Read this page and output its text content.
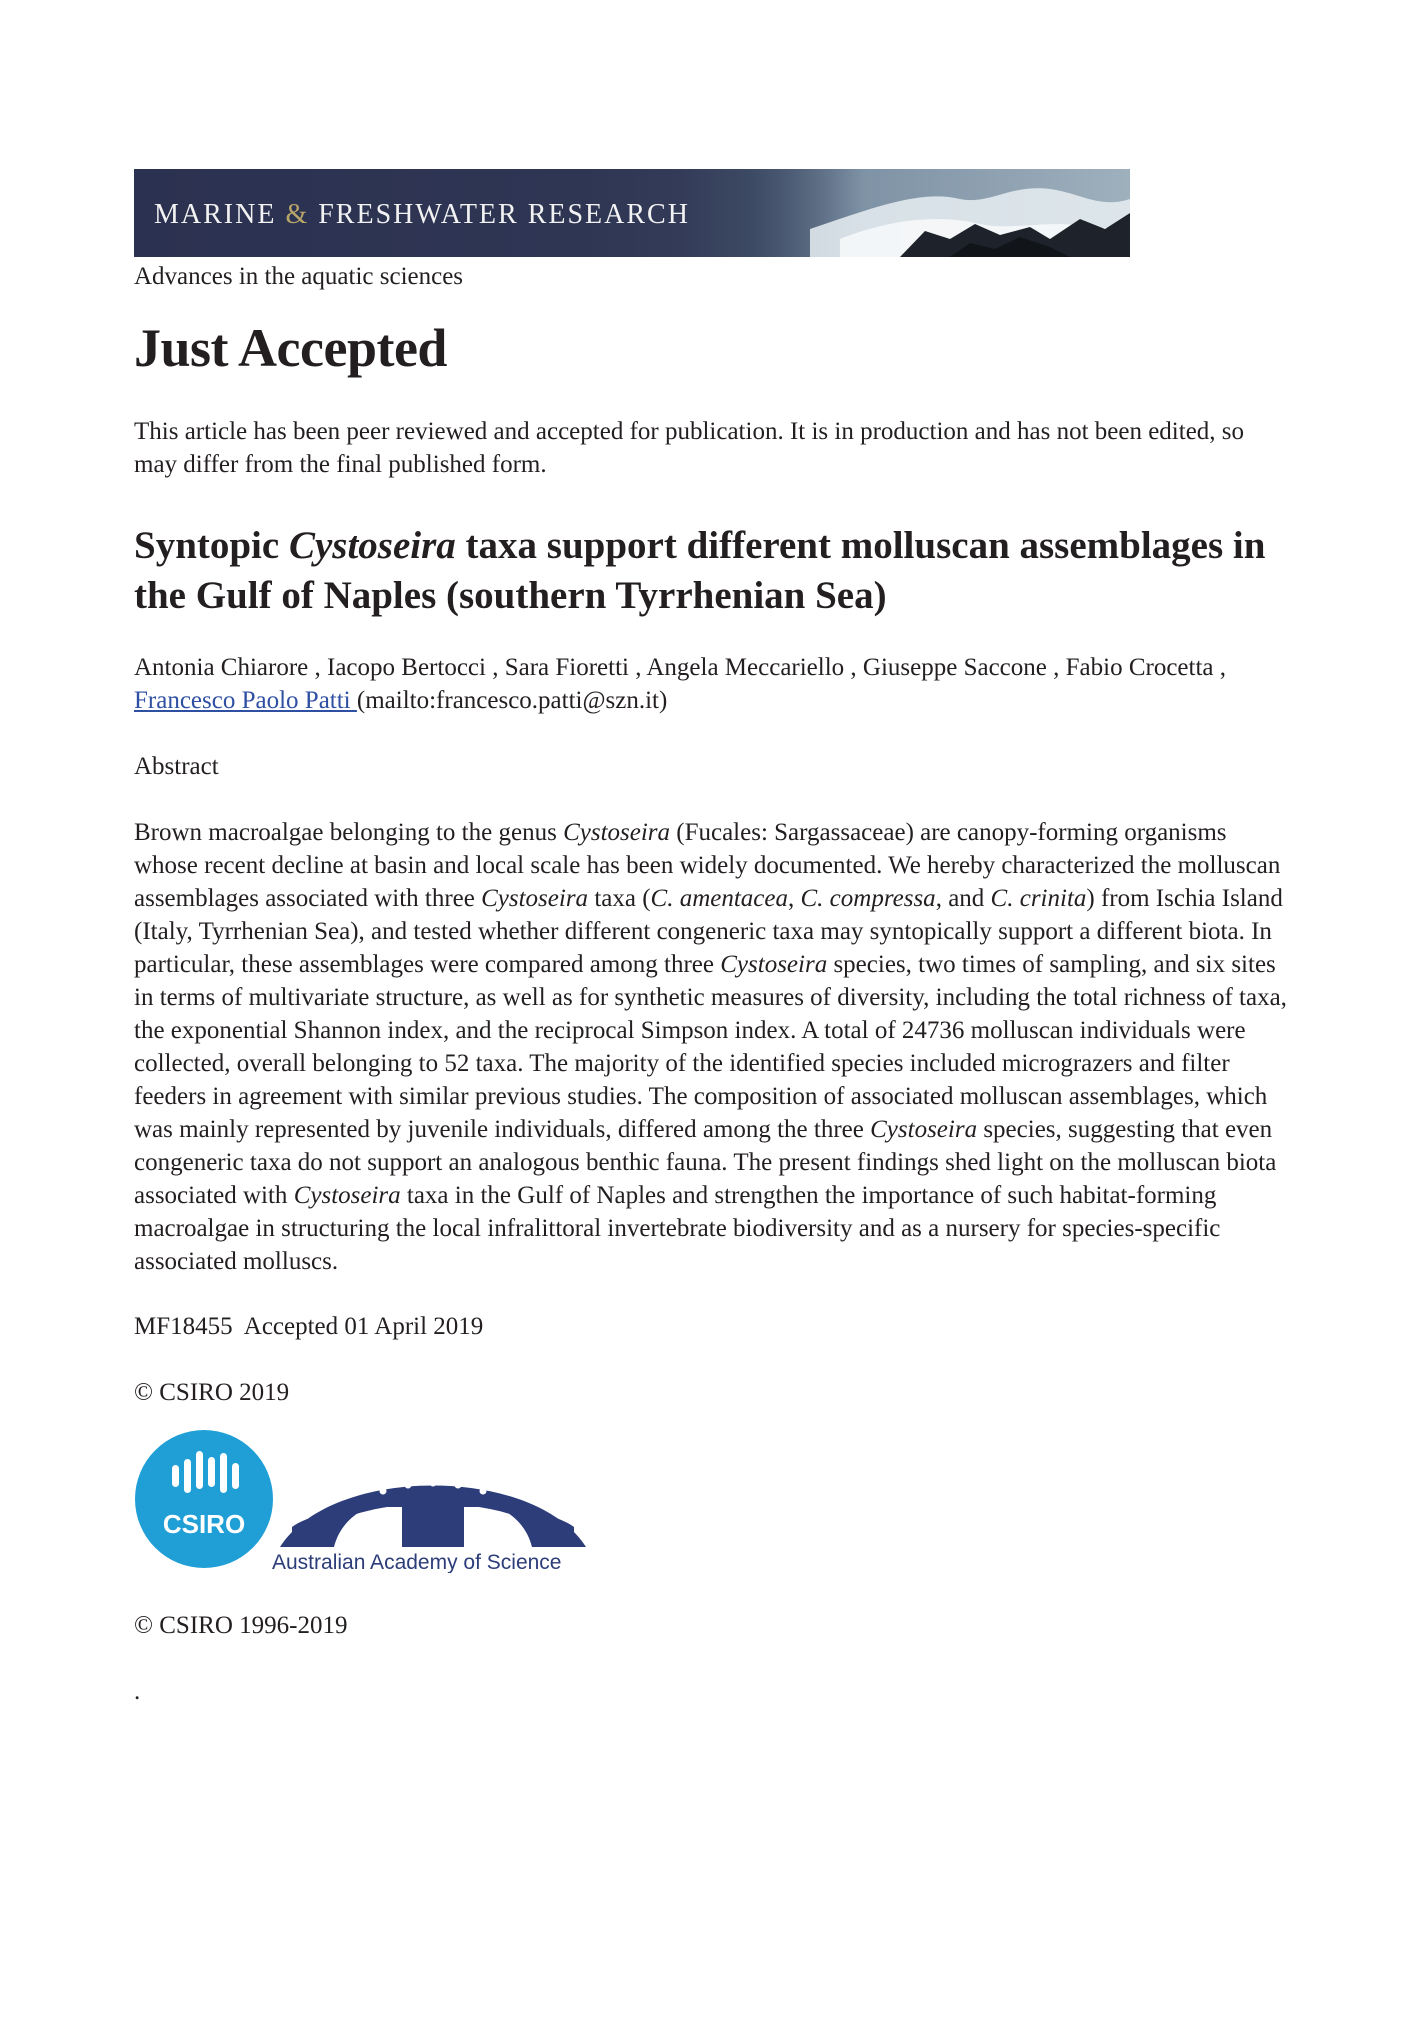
MARINE & FRESHWATER RESEARCH
Advances in the aquatic sciences
Just Accepted
This article has been peer reviewed and accepted for publication. It is in production and has not been edited, so may differ from the final published form.
Syntopic Cystoseira taxa support different molluscan assemblages in the Gulf of Naples (southern Tyrrhenian Sea)
Antonia Chiarore , Iacopo Bertocci , Sara Fioretti , Angela Meccariello , Giuseppe Saccone , Fabio Crocetta , Francesco Paolo Patti (mailto:francesco.patti@szn.it)
Abstract
Brown macroalgae belonging to the genus Cystoseira (Fucales: Sargassaceae) are canopy-forming organisms whose recent decline at basin and local scale has been widely documented. We hereby characterized the molluscan assemblages associated with three Cystoseira taxa (C. amentacea, C. compressa, and C. crinita) from Ischia Island (Italy, Tyrrhenian Sea), and tested whether different congeneric taxa may syntopically support a different biota. In particular, these assemblages were compared among three Cystoseira species, two times of sampling, and six sites in terms of multivariate structure, as well as for synthetic measures of diversity, including the total richness of taxa, the exponential Shannon index, and the reciprocal Simpson index. A total of 24736 molluscan individuals were collected, overall belonging to 52 taxa. The majority of the identified species included micrograzers and filter feeders in agreement with similar previous studies. The composition of associated molluscan assemblages, which was mainly represented by juvenile individuals, differed among the three Cystoseira species, suggesting that even congeneric taxa do not support an analogous benthic fauna. The present findings shed light on the molluscan biota associated with Cystoseira taxa in the Gulf of Naples and strengthen the importance of such habitat-forming macroalgae in structuring the local infralittoral invertebrate biodiversity and as a nursery for species-specific associated molluscs.
MF18455 Accepted 01 April 2019
© CSIRO 2019
CSIRO
Australian Academy of Science
© CSIRO 1996-2019
.
